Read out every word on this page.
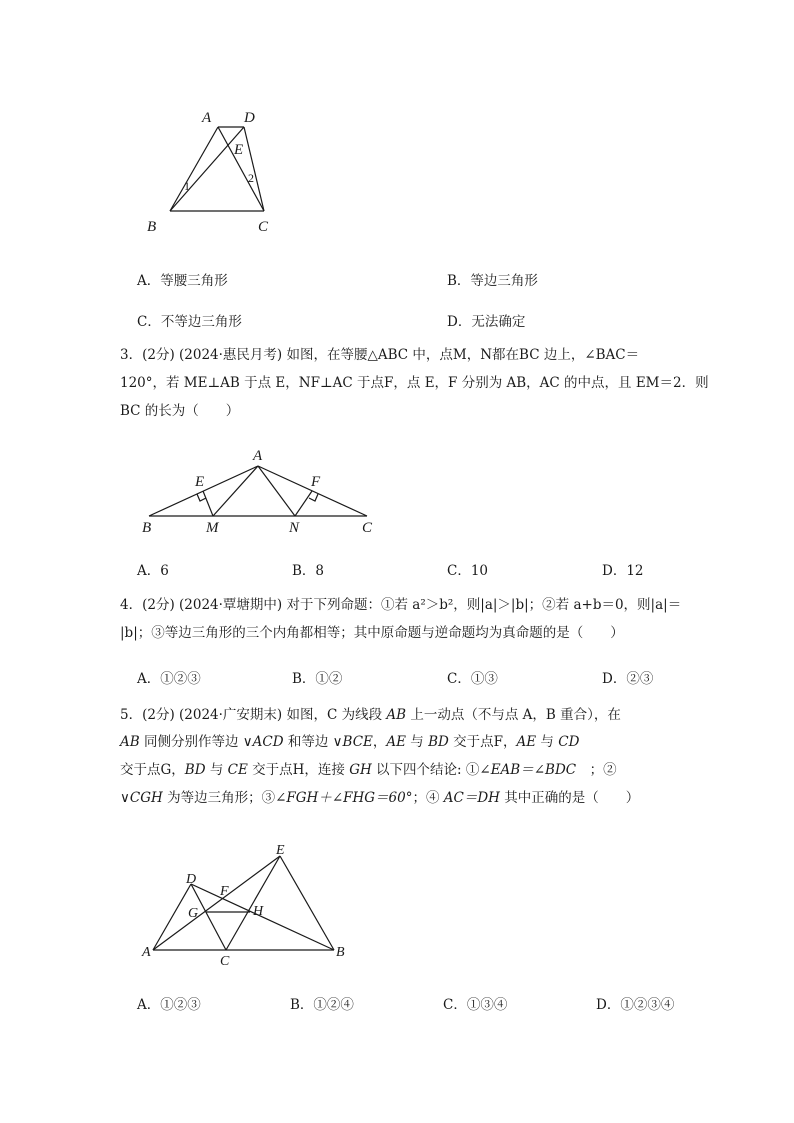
A D
E
B	C
1
2
A．等腰三角形	B．等边三角形
C．不等边三角形	D．无法确定
3．(2分) (2024·惠民月考) 如图，在等腰△ABC 中，点M，N都在BC 边上，∠BAC＝
120°，若 ME⊥AB 于点 E，NF⊥AC 于点F，点 E，F 分别为 AB，AC 的中点，且 EM＝2．则
BC 的长为（　　）
A
E	F
B	M	N	C
A．6	B．8	C．10	D．12
4．(2分) (2024·覃塘期中) 对于下列命题：①若 a²＞b²，则|a|＞|b|；②若 a+b＝0，则|a|＝
|b|；③等边三角形的三个内角都相等；其中原命题与逆命题均为真命题的是（　　）
A．①②③	B．①②	C．①③	D．②③
5．(2分) (2024·广安期末) 如图，C 为线段 AB 上一动点（不与点 A，B 重合），在
AB 同侧分别作等边 ∨ACD 和等边 ∨BCE，AE 与 BD 交于点F，AE 与 CD
交于点G，BD 与 CE 交于点H，连接 GH 以下四个结论: ①∠EAB＝∠BDC　；②
∨CGH 为等边三角形；③∠FGH＋∠FHG＝60°；④ AC＝DH 其中正确的是（　　）
E
D
F
G	H
A
C
B
A．①②③	B．①②④	C．①③④	D．①②③④
